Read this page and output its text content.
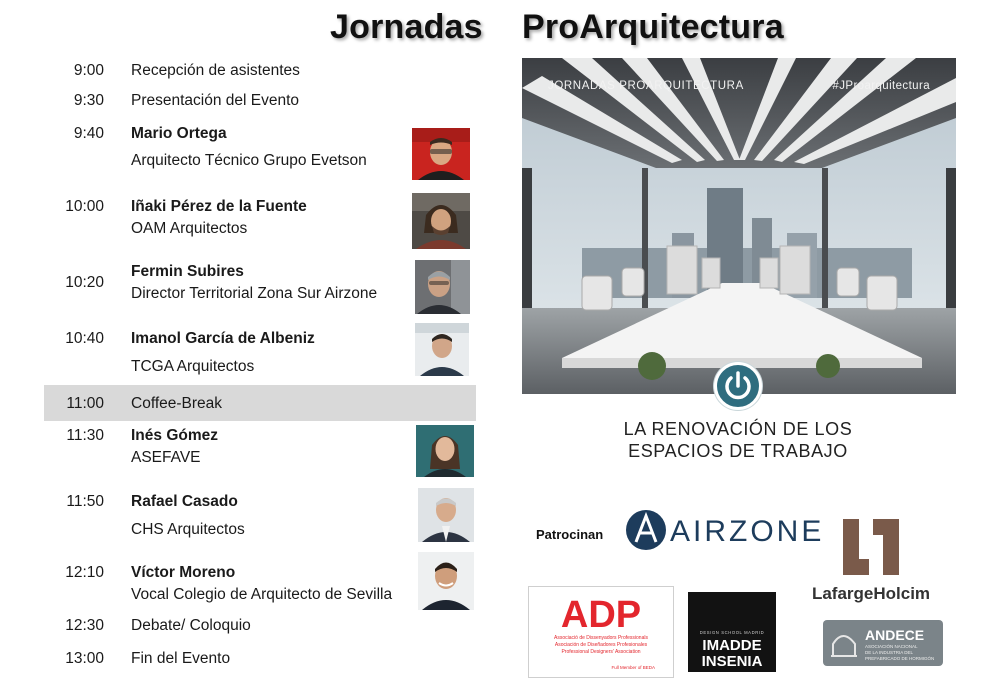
Jornadas ProArquitectura
9:00 Recepción de asistentes
9:30 Presentación del Evento
9:40 Mario Ortega
Arquitecto Técnico Grupo Evetson
10:00 Iñaki Pérez de la Fuente
OAM Arquitectos
10:20
Fermin Subires
Director Territorial Zona Sur Airzone
10:40 Imanol García de Albeniz
TCGA Arquitectos
11:00 Coffee-Break
11:30 Inés Gómez
ASEFAVE
11:50 Rafael Casado
CHS Arquitectos
12:10 Víctor Moreno
Vocal Colegio de Arquitecto de Sevilla
12:30 Debate/ Coloquio
13:00 Fin del Evento
JORNADAS PROARQUITECTURA	#JProarquitectura
LA RENOVACIÓN DE LOS
ESPACIOS DE TRABAJO
Patrocinan AIRZONE
LafargeHolcim
ADP
Associació de Dissenyadors Professionals
Asociación de Diseñadores Profesionales
Professional Designers' Association
Full Member of BEDA
DESIGN SCHOOL MADRID
IMADDE
INSENIA
ANDECE
ASOCIACIÓN NACIONAL
DE LA INDUSTRIA DEL
PREFABRICADO DE HORMIGÓN
